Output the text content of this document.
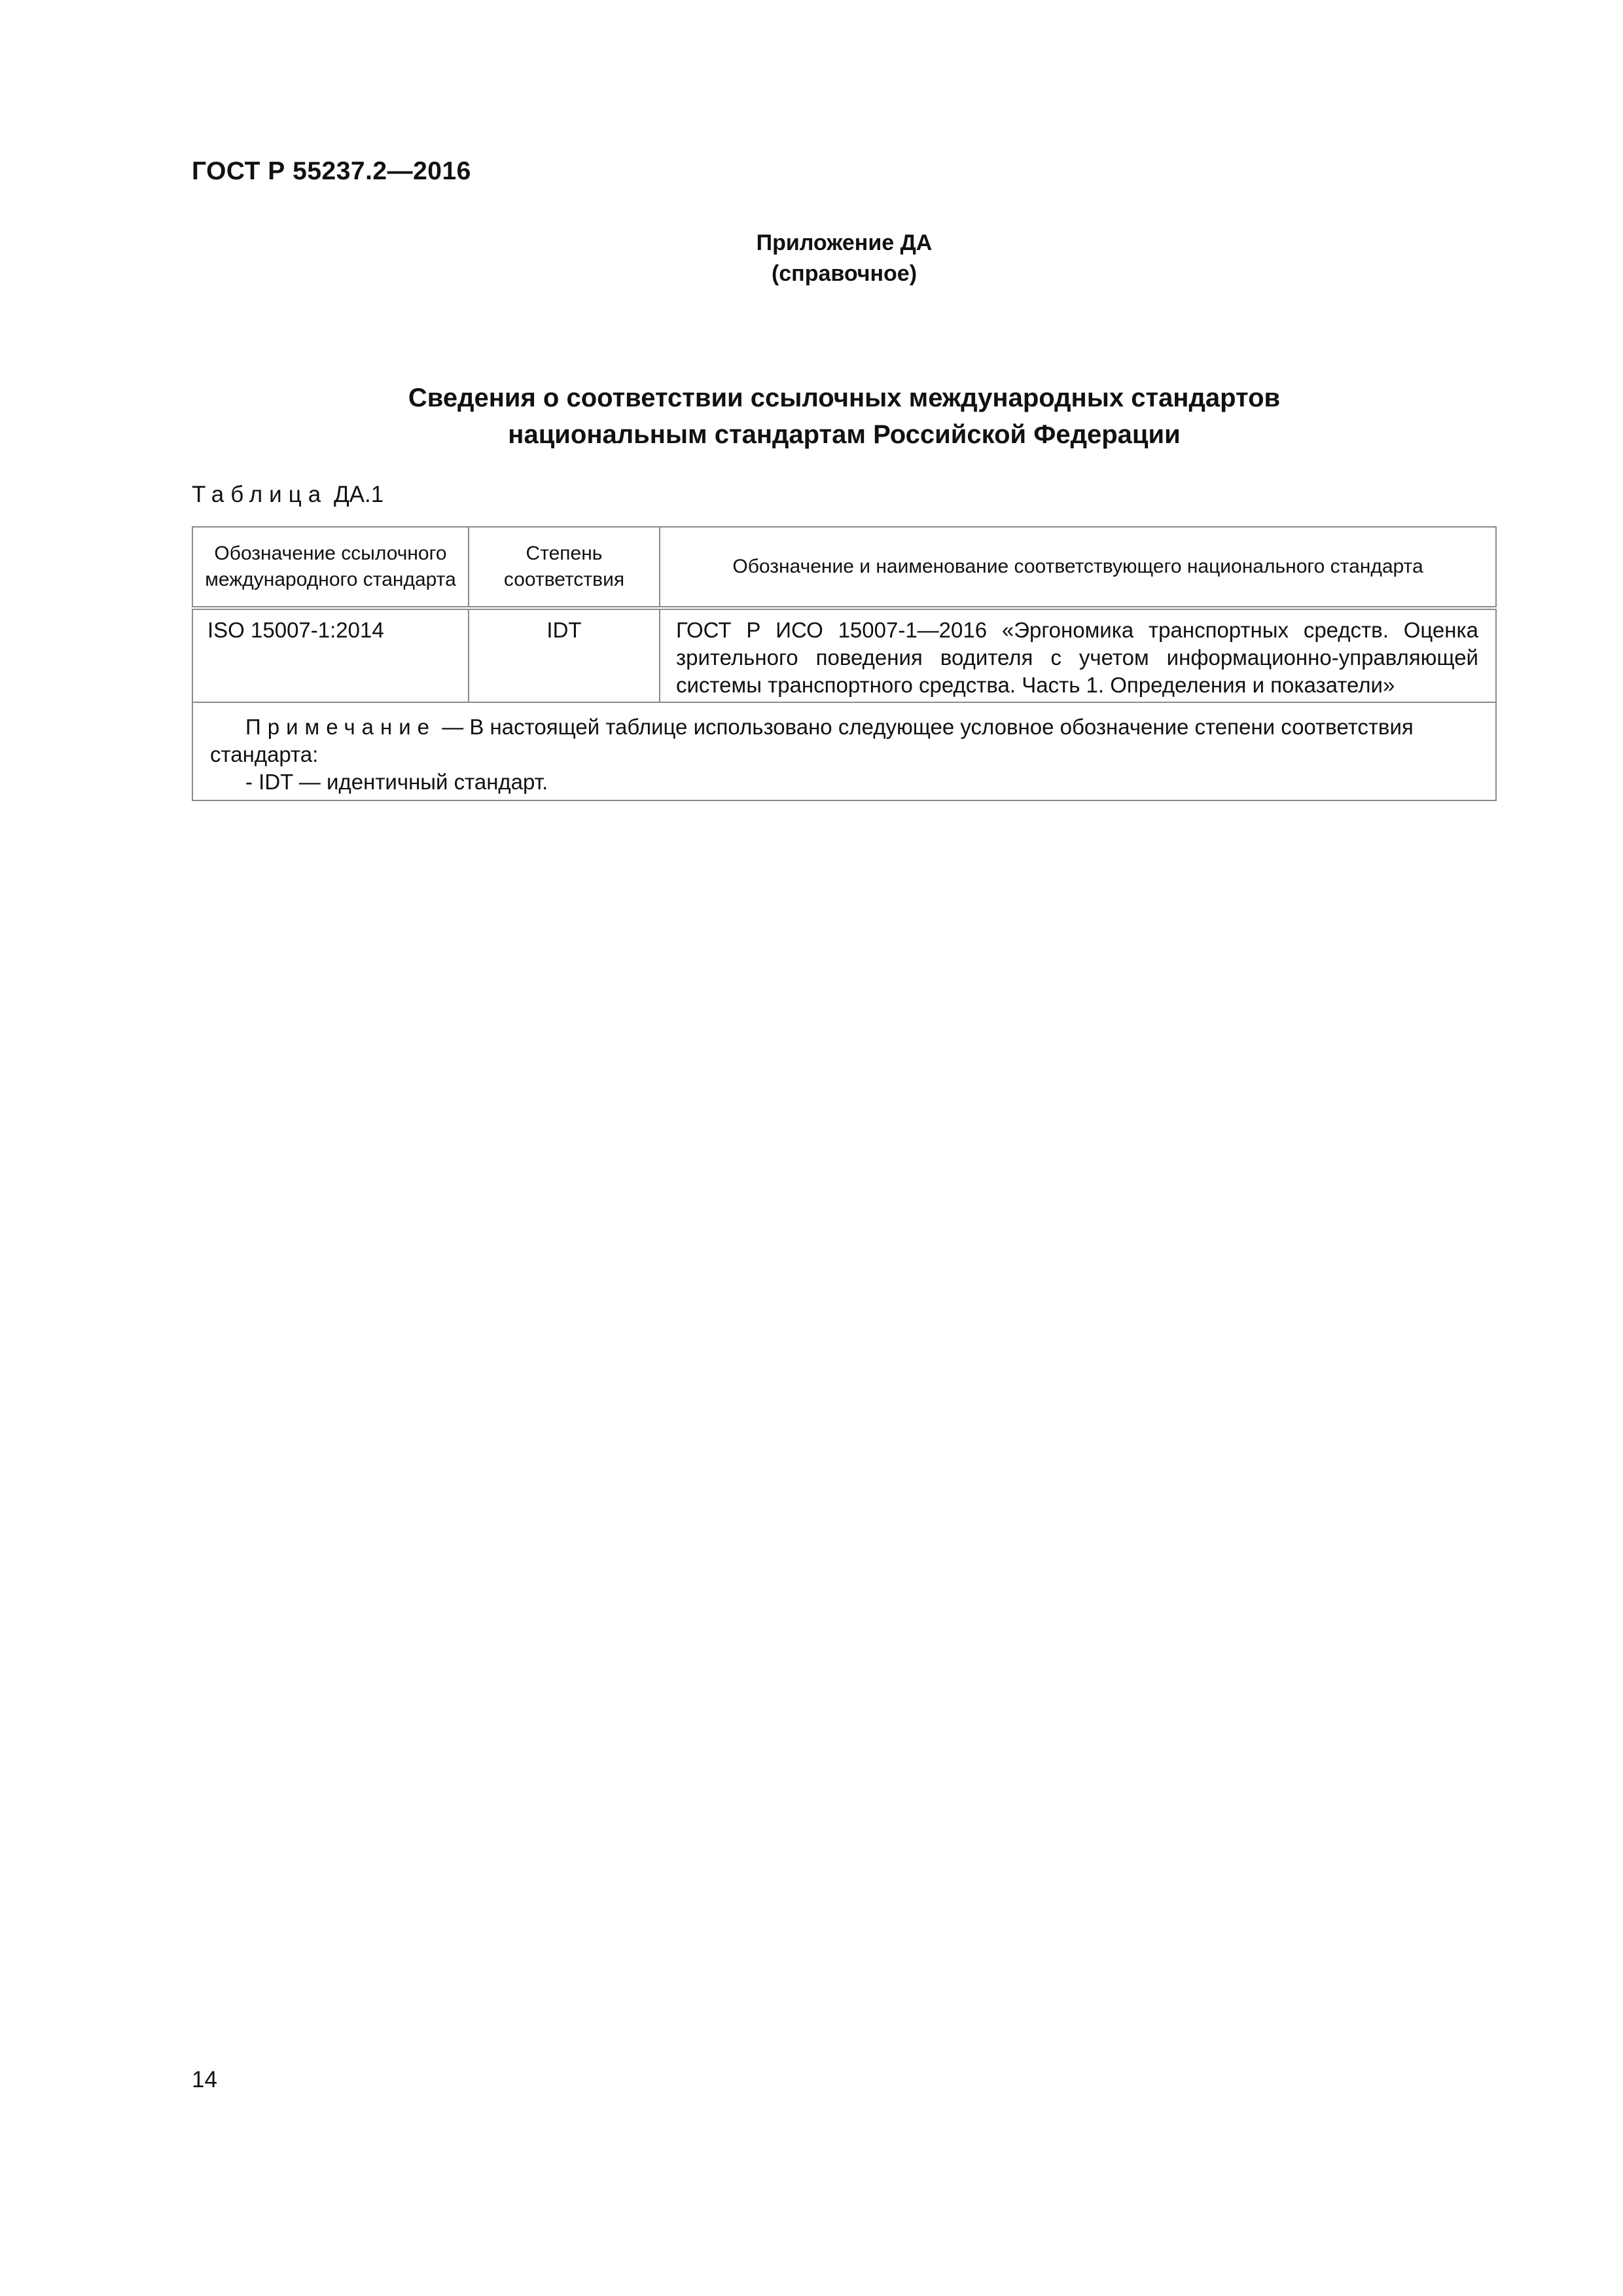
ГОСТ Р 55237.2—2016
Приложение ДА
(справочное)
Сведения о соответствии ссылочных международных стандартов
национальным стандартам Российской Федерации
Таблица ДА.1
Обозначение ссылочного международного стандарта	Степень соответствия	Обозначение и наименование соответствующего национального стандарта
ISO 15007-1:2014	IDT	ГОСТ Р ИСО 15007-1—2016 «Эргономика транспортных средств. Оценка зрительного поведения водителя с учетом информационно-управляющей системы транспортного средства. Часть 1. Определения и показатели»

Примечание — В настоящей таблице использовано следующее условное обозначение степени соответствия стандарта:
- IDT — идентичный стандарт.		
14
